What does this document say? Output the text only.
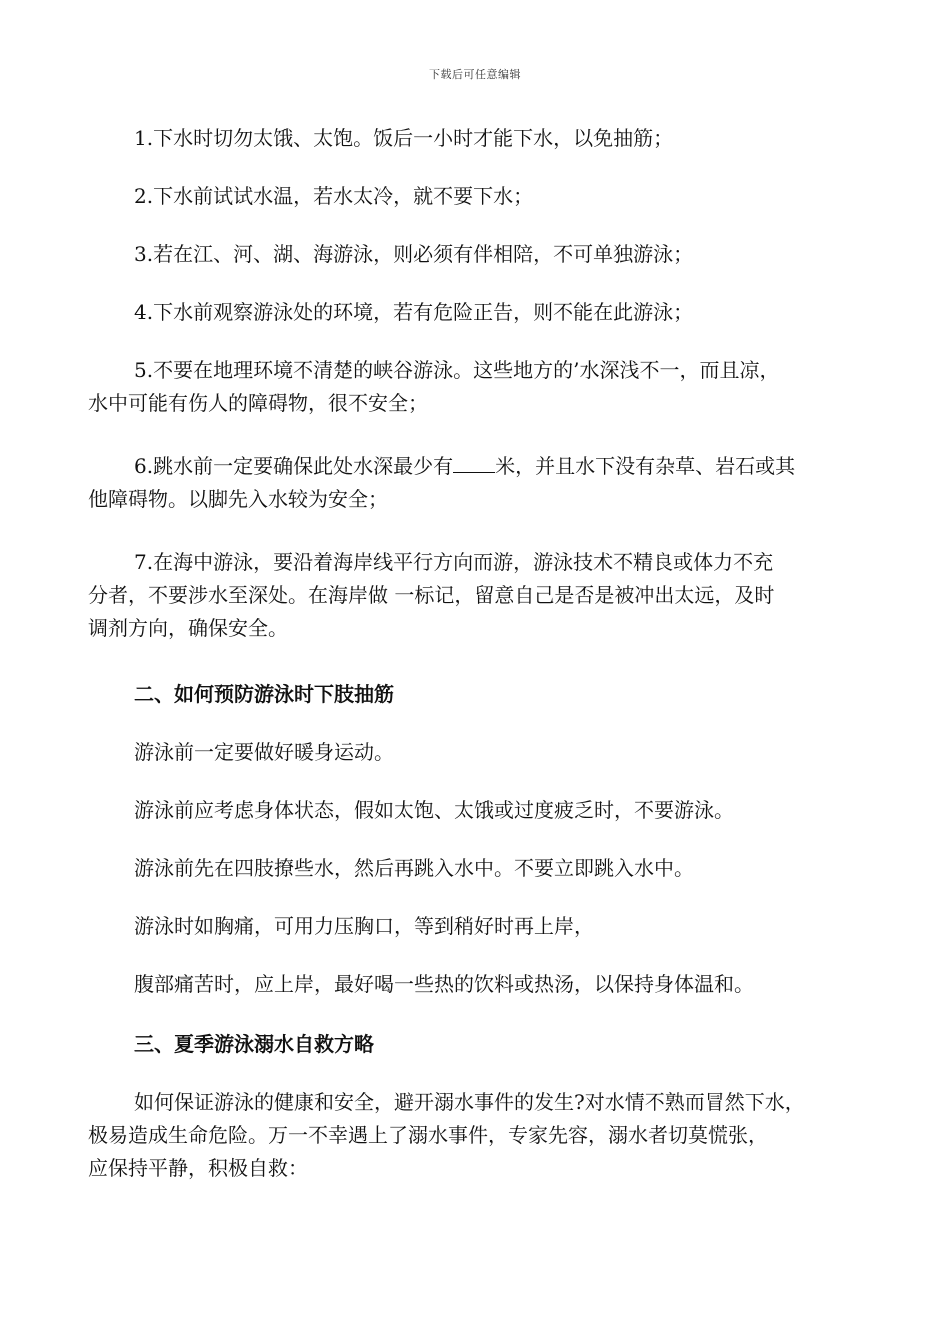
下载后可任意编辑

1.下水时切勿太饿、太饱。饭后一小时才能下水，以免抽筋；

2.下水前试试水温，若水太冷，就不要下水；

3.若在江、河、湖、海游泳，则必须有伴相陪，不可单独游泳；

4.下水前观察游泳处的环境，若有危险正告，则不能在此游泳；

5.不要在地理环境不清楚的峡谷游泳。这些地方的’水深浅不一，而且凉，
水中可能有伤人的障碍物，很不安全；

6.跳水前一定要确保此处水深最少有 米，并且水下没有杂草、岩石或其
他障碍物。以脚先入水较为安全；

7.在海中游泳，要沿着海岸线平行方向而游，游泳技术不精良或体力不充
分者，不要涉水至深处。在海岸做 一标记，留意自己是否是被冲出太远，及时
调剂方向，确保安全。

二、如何预防游泳时下肢抽筋

游泳前一定要做好暖身运动。

游泳前应考虑身体状态，假如太饱、太饿或过度疲乏时，不要游泳。

游泳前先在四肢撩些水，然后再跳入水中。不要立即跳入水中。

游泳时如胸痛，可用力压胸口，等到稍好时再上岸，

腹部痛苦时，应上岸，最好喝一些热的饮料或热汤，以保持身体温和。

三、夏季游泳溺水自救方略

如何保证游泳的健康和安全，避开溺水事件的发生?对水情不熟而冒然下水，
极易造成生命危险。万一不幸遇上了溺水事件，专家先容，溺水者切莫慌张，
应保持平静，积极自救：
